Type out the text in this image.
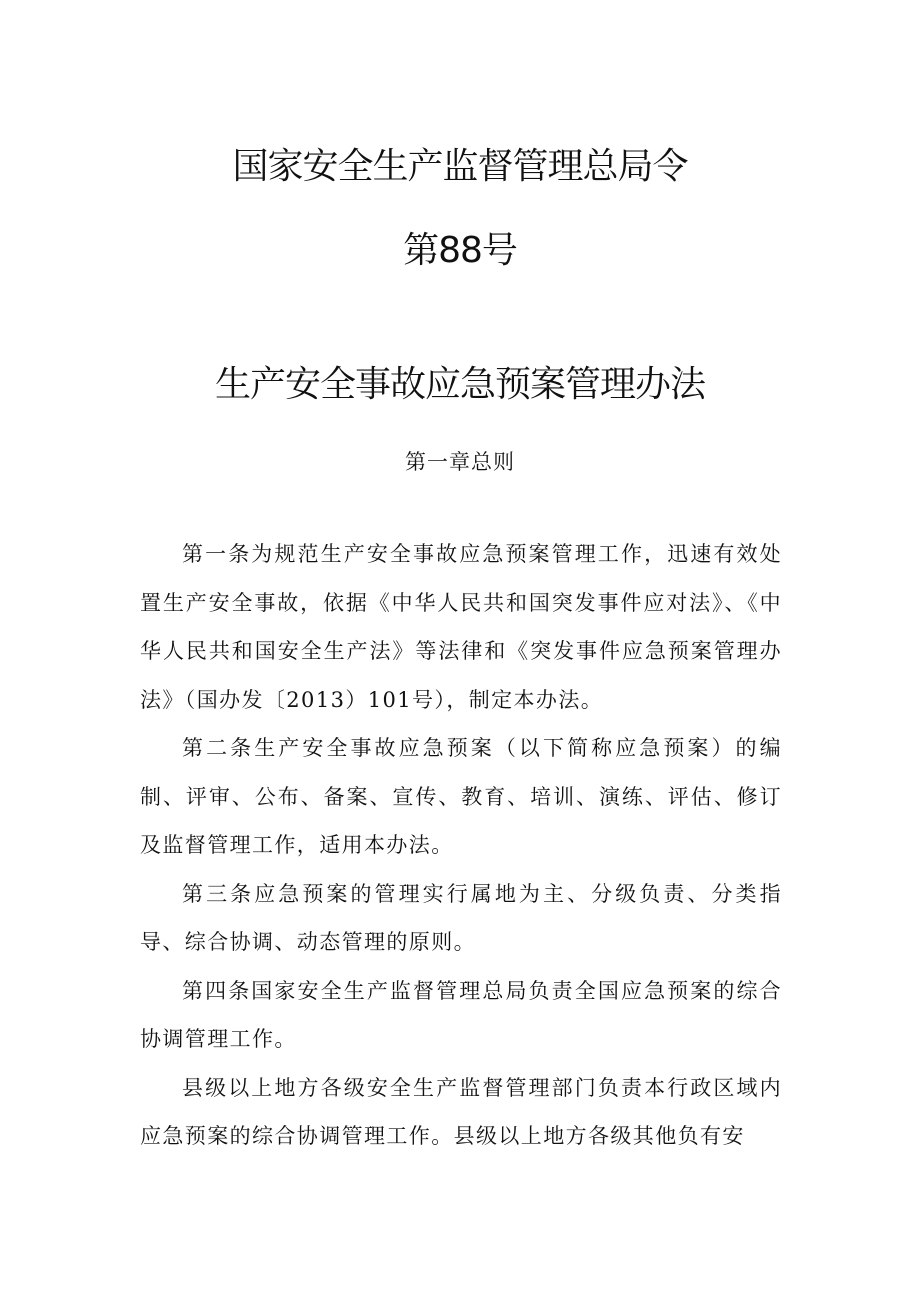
国家安全生产监督管理总局令
第88号
生产安全事故应急预案管理办法
第一章总则

第一条为规范生产安全事故应急预案管理工作，迅速有效处置生产安全事故，依据《中华人民共和国突发事件应对法》、《中华人民共和国安全生产法》等法律和《突发事件应急预案管理办法》（国办发〔2013）101号），制定本办法。

第二条生产安全事故应急预案（以下简称应急预案）的编制、评审、公布、备案、宣传、教育、培训、演练、评估、修订及监督管理工作，适用本办法。

第三条应急预案的管理实行属地为主、分级负责、分类指导、综合协调、动态管理的原则。

第四条国家安全生产监督管理总局负责全国应急预案的综合协调管理工作。

县级以上地方各级安全生产监督管理部门负责本行政区域内应急预案的综合协调管理工作。县级以上地方各级其他负有安
